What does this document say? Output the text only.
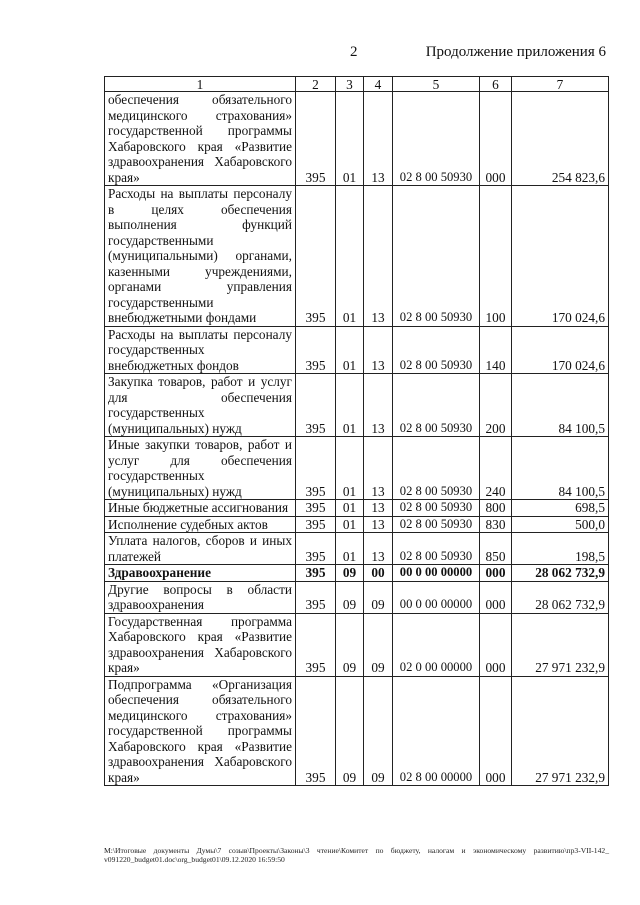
2	Продолжение приложения 6
1	2	3	4	5	6	7
обеспечения обязательного медицинского страхования» государственной программы Хабаровского края «Развитие здравоохранения Хабаровского края»	395	01	13	02 8 00 50930	000	254 823,6
Расходы на выплаты персоналу в целях обеспечения выполнения функций государственными (муниципальными) органами, казенными учреждениями, органами управления государственными внебюджетными фондами	395	01	13	02 8 00 50930	100	170 024,6
Расходы на выплаты персоналу государственных внебюджетных фондов	395	01	13	02 8 00 50930	140	170 024,6
Закупка товаров, работ и услуг для обеспечения государственных (муниципальных) нужд	395	01	13	02 8 00 50930	200	84 100,5
Иные закупки товаров, работ и услуг для обеспечения государственных (муниципальных) нужд	395	01	13	02 8 00 50930	240	84 100,5
Иные бюджетные ассигнования	395	01	13	02 8 00 50930	800	698,5
Исполнение судебных актов	395	01	13	02 8 00 50930	830	500,0
Уплата налогов, сборов и иных платежей	395	01	13	02 8 00 50930	850	198,5
Здравоохранение	395	09	00	00 0 00 00000	000	28 062 732,9
Другие вопросы в области здравоохранения	395	09	09	00 0 00 00000	000	28 062 732,9
Государственная программа Хабаровского края «Развитие здравоохранения Хабаровского края»	395	09	09	02 0 00 00000	000	27 971 232,9
Подпрограмма «Организация обеспечения обязательного медицинского страхования» государственной программы Хабаровского края «Развитие здравоохранения Хабаровского края»	395	09	09	02 8 00 00000	000	27 971 232,9
M:\Итоговые документы Думы\7 созыв\Проекты\Законы\3 чтение\Комитет по бюджету, налогам и экономическому развитию\пр3-VII-142_ v091220_budget01.doc\org_budget01\09.12.2020 16:59:50
